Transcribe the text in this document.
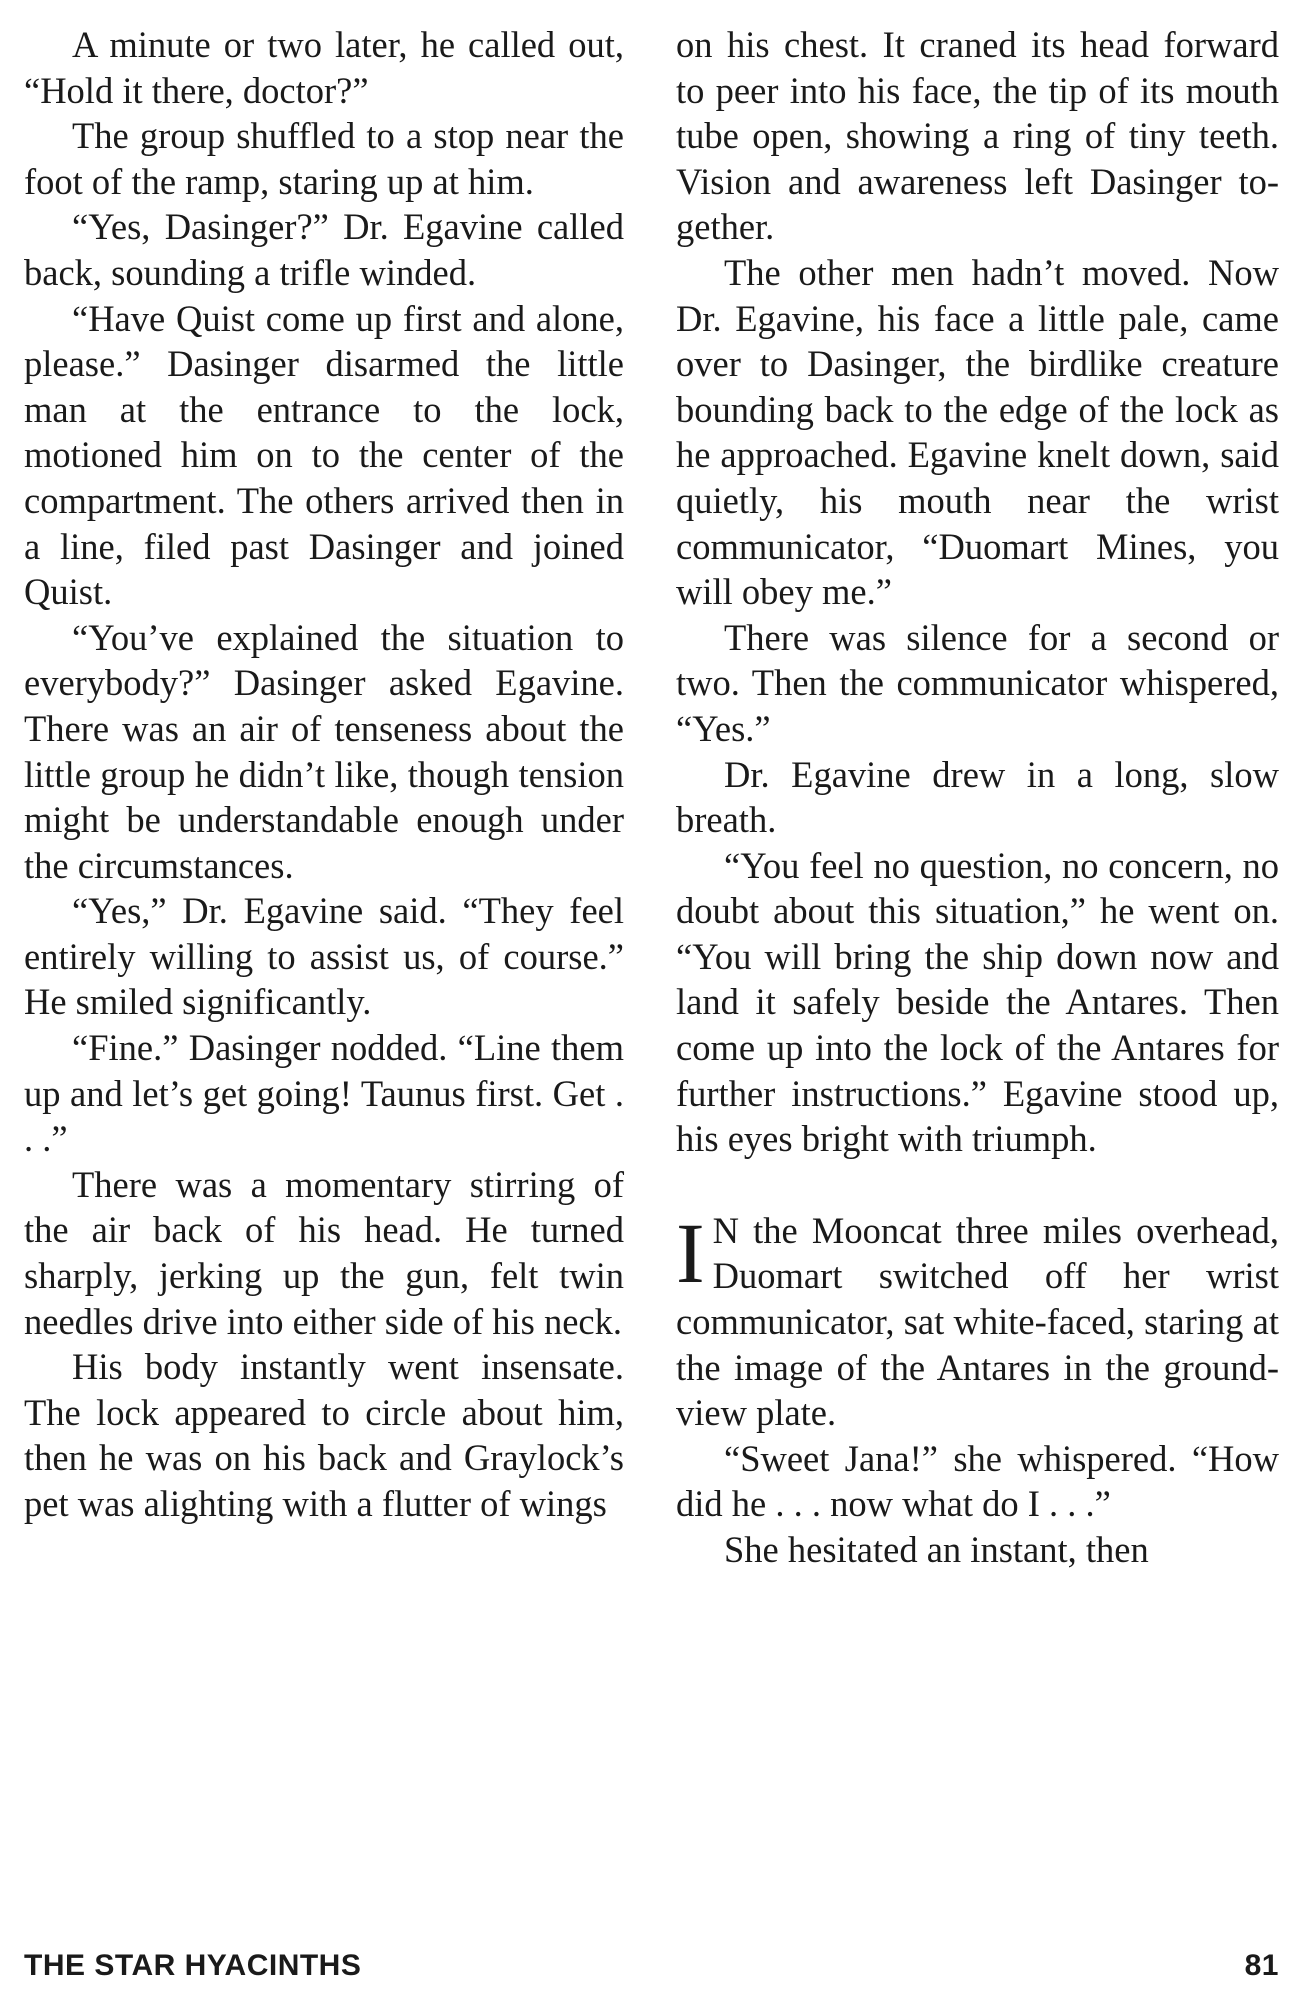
A minute or two later, he called out, “Hold it there, doctor?”

The group shuffled to a stop near the foot of the ramp, staring up at him.

“Yes, Dasinger?” Dr. Egavine called back, sounding a trifle winded.

“Have Quist come up first and alone, please.” Dasinger disarmed the little man at the entrance to the lock, motioned him on to the center of the compartment. The others arrived then in a line, filed past Dasinger and joined Quist.

“You’ve explained the situation to everybody?” Dasinger asked Egavine. There was an air of tenseness about the little group he didn’t like, though tension might be understandable enough under the circumstances.

“Yes,” Dr. Egavine said. “They feel entirely willing to assist us, of course.” He smiled significantly.

“Fine.” Dasinger nodded. “Line them up and let’s get going! Taunus first. Get . . .”

There was a momentary stirring of the air back of his head. He turned sharply, jerking up the gun, felt twin needles drive into either side of his neck.

His body instantly went insensate. The lock appeared to circle about him, then he was on his back and Graylock’s pet was alighting with a flutter of wings

on his chest. It craned its head forward to peer into his face, the tip of its mouth tube open, showing a ring of tiny teeth. Vision and awareness left Dasinger together.

The other men hadn’t moved. Now Dr. Egavine, his face a little pale, came over to Dasinger, the birdlike creature bounding back to the edge of the lock as he approached. Egavine knelt down, said quietly, his mouth near the wrist communicator, “Duomart Mines, you will obey me.”

There was silence for a second or two. Then the communicator whispered, “Yes.”

Dr. Egavine drew in a long, slow breath.

“You feel no question, no concern, no doubt about this situation,” he went on. “You will bring the ship down now and land it safely beside the Antares. Then come up into the lock of the Antares for further instructions.” Egavine stood up, his eyes bright with triumph.

I N the Mooncat three miles overhead, Duomart switched off her wrist communicator, sat white-faced, staring at the image of the Antares in the ground-view plate.

“Sweet Jana!” she whispered. “How did he . . . now what do I . . .”

She hesitated an instant, then

THE STAR HYACINTHS	81
